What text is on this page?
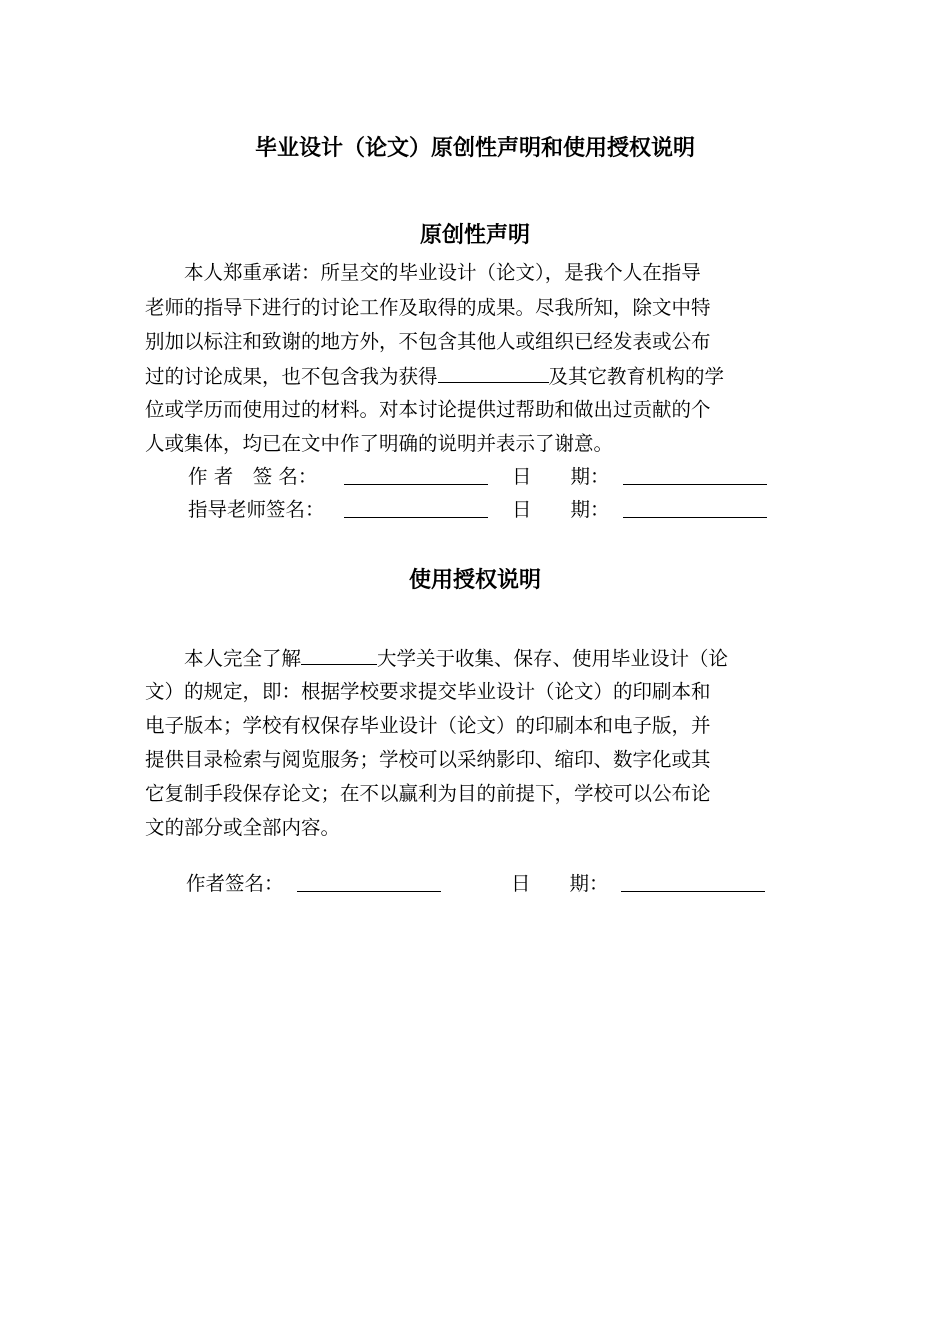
毕业设计（论文）原创性声明和使用授权说明
原创性声明

　　本人郑重承诺：所呈交的毕业设计（论文），是我个人在指导

老师的指导下进行的讨论工作及取得的成果。尽我所知，除文中特

别加以标注和致谢的地方外，不包含其他人或组织已经发表或公布

过的讨论成果，也不包含我为获得	及其它教育机构的学

位或学历而使用过的材料。对本讨论提供过帮助和做出过贡献的个

人或集体，均已在文中作了明确的说明并表示了谢意。

作 者　签 名：	日　　期：
指导老师签名：	日　　期：
使用授权说明

　　本人完全了解	大学关于收集、保存、使用毕业设计（论

文）的规定，即：根据学校要求提交毕业设计（论文）的印刷本和

电子版本；学校有权保存毕业设计（论文）的印刷本和电子版，并

提供目录检索与阅览服务；学校可以采纳影印、缩印、数字化或其

它复制手段保存论文；在不以赢利为目的前提下，学校可以公布论

文的部分或全部内容。

作者签名：	日　　期：
